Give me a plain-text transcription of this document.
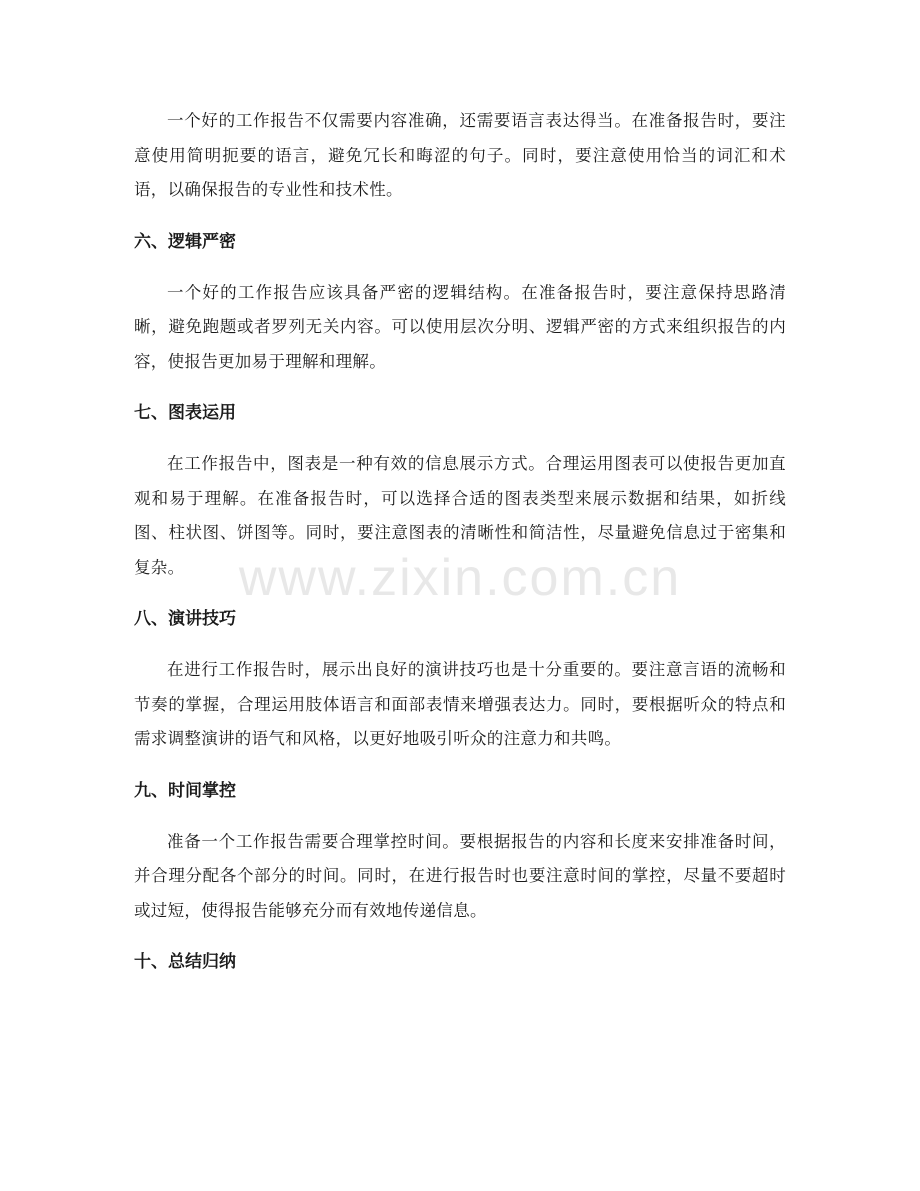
一个好的工作报告不仅需要内容准确，还需要语言表达得当。在准备报告时，要注意使用简明扼要的语言，避免冗长和晦涩的句子。同时，要注意使用恰当的词汇和术语，以确保报告的专业性和技术性。

六、逻辑严密

一个好的工作报告应该具备严密的逻辑结构。在准备报告时，要注意保持思路清晰，避免跑题或者罗列无关内容。可以使用层次分明、逻辑严密的方式来组织报告的内容，使报告更加易于理解和理解。

七、图表运用

在工作报告中，图表是一种有效的信息展示方式。合理运用图表可以使报告更加直观和易于理解。在准备报告时，可以选择合适的图表类型来展示数据和结果，如折线图、柱状图、饼图等。同时，要注意图表的清晰性和简洁性，尽量避免信息过于密集和复杂。

八、演讲技巧

在进行工作报告时，展示出良好的演讲技巧也是十分重要的。要注意言语的流畅和节奏的掌握，合理运用肢体语言和面部表情来增强表达力。同时，要根据听众的特点和需求调整演讲的语气和风格，以更好地吸引听众的注意力和共鸣。

九、时间掌控

准备一个工作报告需要合理掌控时间。要根据报告的内容和长度来安排准备时间，并合理分配各个部分的时间。同时，在进行报告时也要注意时间的掌控，尽量不要超时或过短，使得报告能够充分而有效地传递信息。

十、总结归纳
www.zixin.com.cn
